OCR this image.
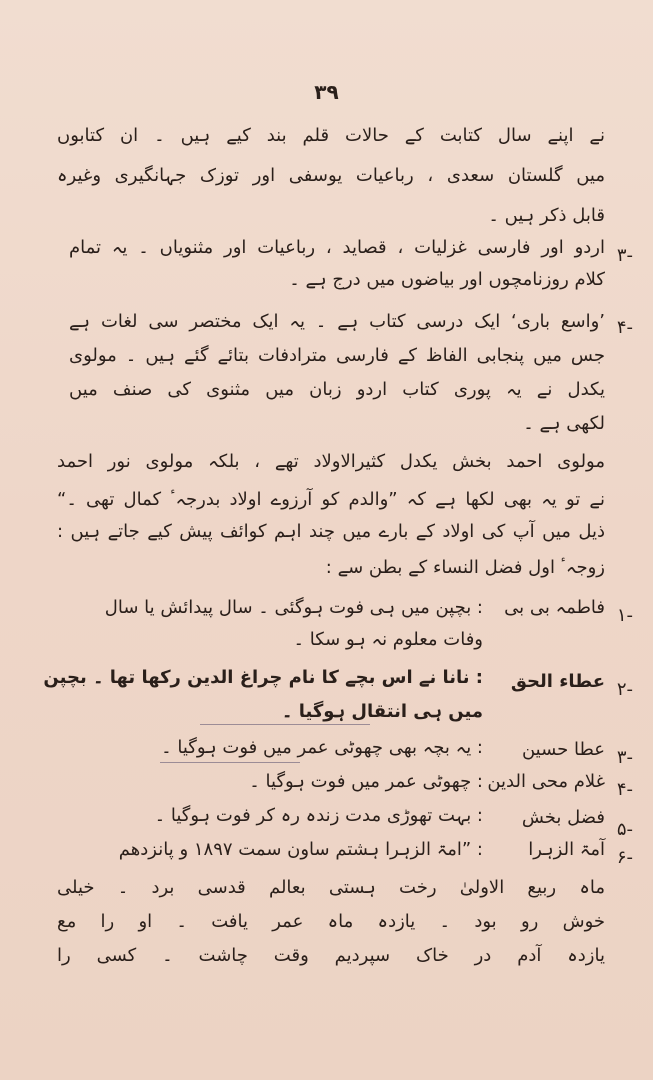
۳۹
نے اپنے سال کتابت کے حالات قلم بند کیے ہیں ۔ ان کتابوں
میں گلستان سعدی ، رباعیات یوسفی اور توزک جہانگیری وغیرہ
قابل ذکر ہیں ۔
-۳
اردو اور فارسی غزلیات ، قصاید ، رباعیات اور مثنویاں ۔ یہ تمام
کلام روزنامچوں اور بیاضوں میں درج ہے ۔
-۴
’واسع باری‘ ایک درسی کتاب ہے ۔ یہ ایک مختصر سی لغات ہے
جس میں پنجابی الفاظ کے فارسی مترادفات بتائے گئے ہیں ۔ مولوی
یکدل نے یہ پوری کتاب اردو زبان میں مثنوی کی صنف میں
لکھی ہے ۔
مولوی احمد بخش یکدل کثیرالاولاد تھے ، بلکہ مولوی نور احمد
نے تو یہ بھی لکھا ہے کہ ”والدم کو آرزوے اولاد بدرجہٴ کمال تھی ۔“
ذیل میں آپ کی اولاد کے بارے میں چند اہم کوائف پیش کیے جاتے ہیں :
زوجہٴ اول فضل النساء کے بطن سے :
-۱
فاطمہ بی بی
: بچپن میں ہی فوت ہوگئی ۔ سال پیدائش یا سال
وفات معلوم نہ ہو سکا ۔
-۲
عطاء الحق
: نانا نے اس بچے کا نام چراغ الدین رکھا تھا ۔ بچپن
میں ہی انتقال ہوگیا ۔
-۳
عطا حسین
: یہ بچہ بھی چھوٹی عمر میں فوت ہوگیا ۔
-۴
غلام محی الدین
: چھوٹی عمر میں فوت ہوگیا ۔
-۵
فضل بخش
: بہت تھوڑی مدت زندہ رہ کر فوت ہوگیا ۔
-۶
آمۃ الزہرا
: ”امۃ الزہرا ہشتم ساون سمت ۱۸۹۷ و پانزدھم
ماہ ربیع الاولیٰ رخت ہستی بعالم قدسی برد ۔ خیلی
خوش رو بود ۔ یازدہ ماہ عمر یافت ۔ او را مع
یازدہ آدم در خاک سپردیم وقت چاشت ۔ کسی را
